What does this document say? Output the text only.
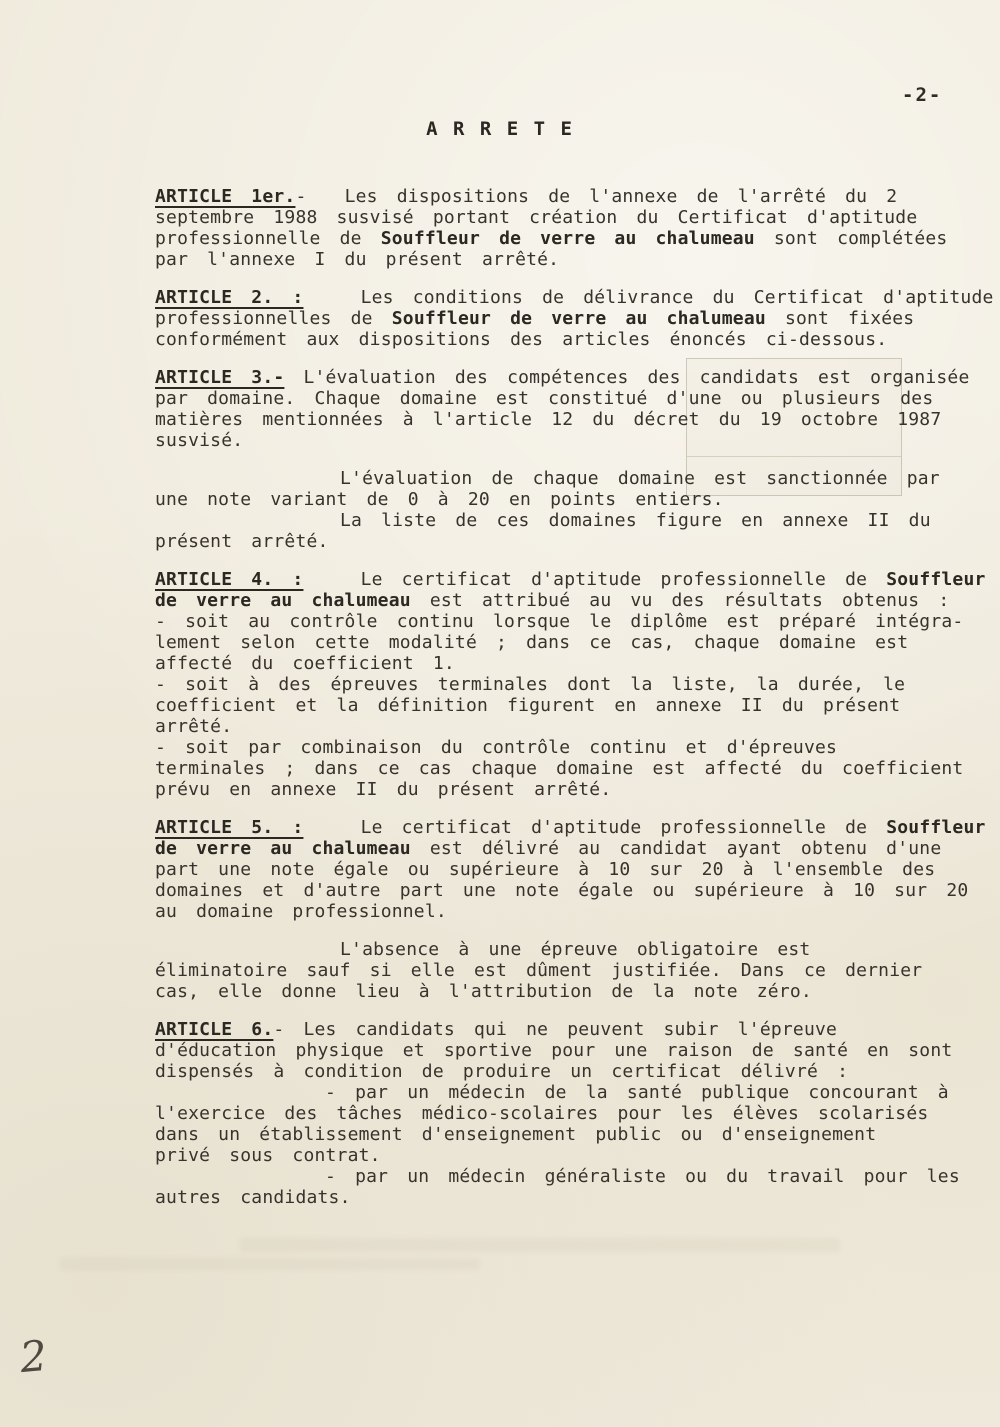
-2-
A R R E T E
ARTICLE 1er.-  Les dispositions de l'annexe de l'arrêté du 2
septembre 1988 susvisé portant création du Certificat d'aptitude
professionnelle de Souffleur de verre au chalumeau sont complétées
par l'annexe I du présent arrêté.
ARTICLE 2. :   Les conditions de délivrance du Certificat d'aptitude
professionnelles de Souffleur de verre au chalumeau sont fixées
conformément aux dispositions des articles énoncés ci-dessous.
ARTICLE 3.- L'évaluation des compétences des candidats est organisée
par domaine. Chaque domaine est constitué d'une ou plusieurs des
matières mentionnées à l'article 12 du décret du 19 octobre 1987
susvisé.
L'évaluation de chaque domaine est sanctionnée par
une note variant de 0 à 20 en points entiers.
La liste de ces domaines figure en annexe II du
présent arrêté.
ARTICLE 4. :   Le certificat d'aptitude professionnelle de Souffleur
de verre au chalumeau est attribué au vu des résultats obtenus :
- soit au contrôle continu lorsque le diplôme est préparé intégra-
lement selon cette modalité ; dans ce cas, chaque domaine est
affecté du coefficient 1.
- soit à des épreuves terminales dont la liste, la durée, le
coefficient et la définition figurent en annexe II du présent
arrêté.
- soit par combinaison du contrôle continu et d'épreuves
terminales ; dans ce cas chaque domaine est affecté du coefficient
prévu en annexe II du présent arrêté.
ARTICLE 5. :   Le certificat d'aptitude professionnelle de Souffleur
de verre au chalumeau est délivré au candidat ayant obtenu d'une
part une note égale ou supérieure à 10 sur 20 à l'ensemble des
domaines et d'autre part une note égale ou supérieure à 10 sur 20
au domaine professionnel.
L'absence à une épreuve obligatoire est
éliminatoire sauf si elle est dûment justifiée. Dans ce dernier
cas, elle donne lieu à l'attribution de la note zéro.
ARTICLE 6.- Les candidats qui ne peuvent subir l'épreuve
d'éducation physique et sportive pour une raison de santé en sont
dispensés à condition de produire un certificat délivré :
- par un médecin de la santé publique concourant à
l'exercice des tâches médico-scolaires pour les élèves scolarisés
dans un établissement d'enseignement public ou d'enseignement
privé sous contrat.
- par un médecin généraliste ou du travail pour les
autres candidats.
2
